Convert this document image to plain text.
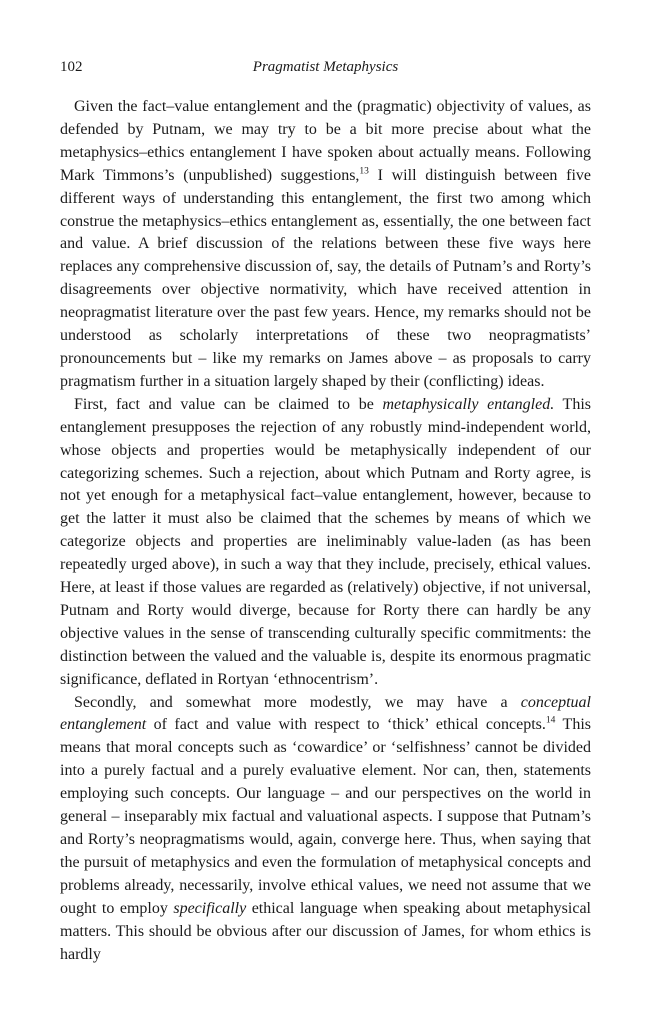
102	Pragmatist Metaphysics

Given the fact–value entanglement and the (pragmatic) objectivity of values, as defended by Putnam, we may try to be a bit more precise about what the metaphysics–ethics entanglement I have spoken about actually means. Following Mark Timmons’s (unpublished) suggestions,$^{13}$ I will distinguish between five different ways of understanding this entanglement, the first two among which construe the metaphysics–ethics entanglement as, essentially, the one between fact and value. A brief discussion of the relations between these five ways here replaces any comprehensive discussion of, say, the details of Putnam’s and Rorty’s disagreements over objective normativity, which have received attention in neopragmatist literature over the past few years. Hence, my remarks should not be understood as scholarly interpretations of these two neopragmatists’ pronouncements but – like my remarks on James above – as proposals to carry pragmatism further in a situation largely shaped by their (conflicting) ideas.

First, fact and value can be claimed to be metaphysically entangled. This entanglement presupposes the rejection of any robustly mind-independent world, whose objects and properties would be metaphysically independent of our categorizing schemes. Such a rejection, about which Putnam and Rorty agree, is not yet enough for a metaphysical fact–value entanglement, however, because to get the latter it must also be claimed that the schemes by means of which we categorize objects and properties are ineliminably value-laden (as has been repeatedly urged above), in such a way that they include, precisely, ethical values. Here, at least if those values are regarded as (relatively) objective, if not universal, Putnam and Rorty would diverge, because for Rorty there can hardly be any objective values in the sense of transcending culturally specific commitments: the distinction between the valued and the valuable is, despite its enormous pragmatic significance, deflated in Rortyan ‘ethnocentrism’.

Secondly, and somewhat more modestly, we may have a conceptual entanglement of fact and value with respect to ‘thick’ ethical concepts.$^{14}$ This means that moral concepts such as ‘cowardice’ or ‘selfishness’ cannot be divided into a purely factual and a purely evaluative element. Nor can, then, statements employing such concepts. Our language – and our perspectives on the world in general – inseparably mix factual and valuational aspects. I suppose that Putnam’s and Rorty’s neopragmatisms would, again, converge here. Thus, when saying that the pursuit of metaphysics and even the formulation of metaphysical concepts and problems already, necessarily, involve ethical values, we need not assume that we ought to employ specifically ethical language when speaking about metaphysical matters. This should be obvious after our discussion of James, for whom ethics is hardly
